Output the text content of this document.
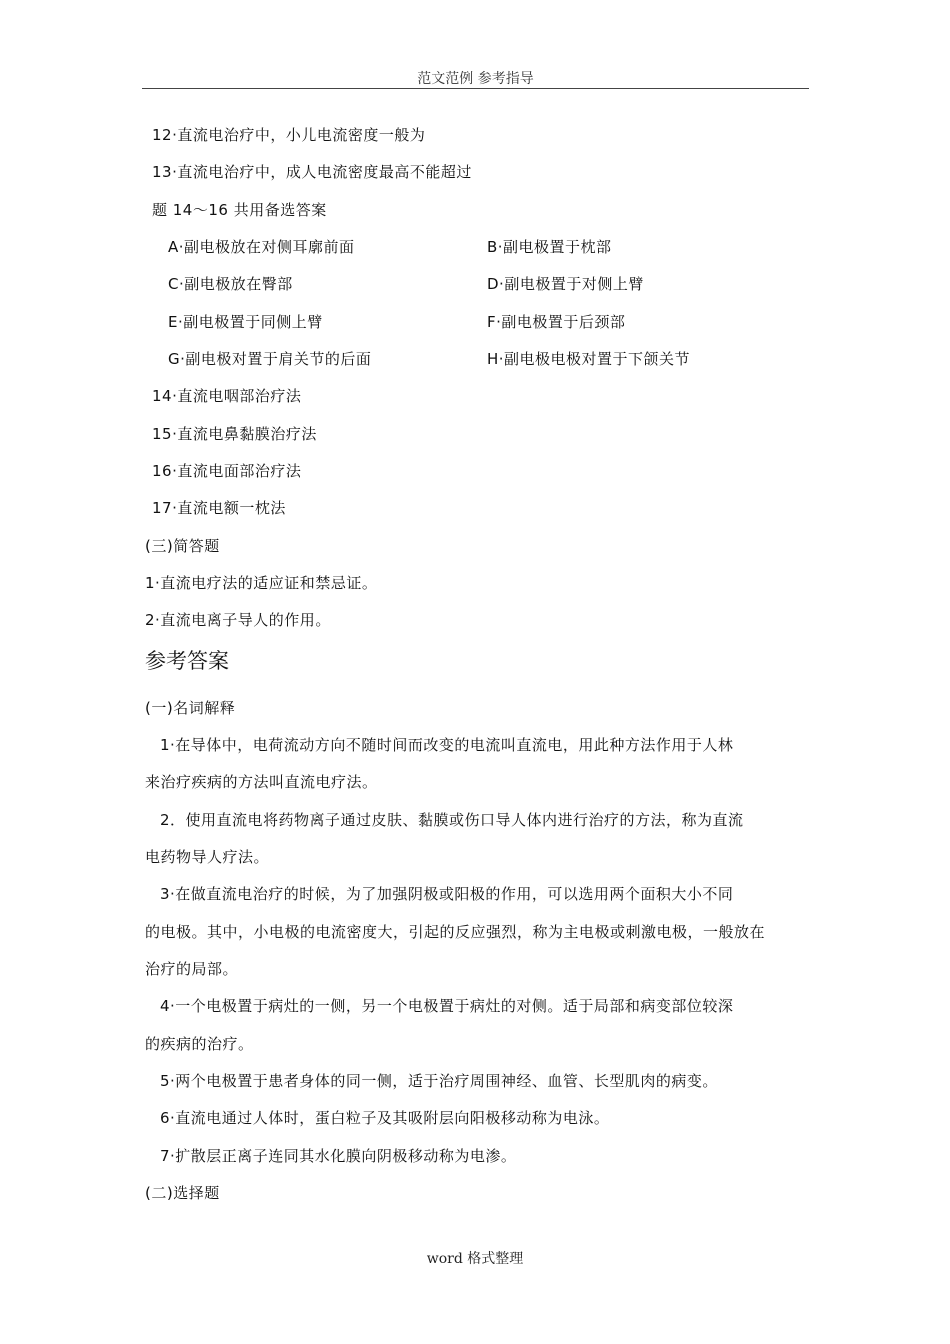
范文范例 参考指导
12·直流电治疗中，小儿电流密度一般为
13·直流电治疗中，成人电流密度最高不能超过
题 14～16 共用备选答案
A·副电极放在对侧耳廓前面	B·副电极置于枕部
C·副电极放在臀部	D·副电极置于对侧上臂
E·副电极置于同侧上臂	F·副电极置于后颈部
G·副电极对置于肩关节的后面	H·副电极电极对置于下颌关节
14·直流电咽部治疗法
15·直流电鼻黏膜治疗法
16·直流电面部治疗法
17·直流电额一枕法
(三)简答题
1·直流电疗法的适应证和禁忌证。
2·直流电离子导人的作用。
参考答案
(一)名词解释
1·在导体中，电荷流动方向不随时间而改变的电流叫直流电，用此种方法作用于人林
来治疗疾病的方法叫直流电疗法。
2．使用直流电将药物离子通过皮肤、黏膜或伤口导人体内进行治疗的方法，称为直流
电药物导人疗法。
3·在做直流电治疗的时候，为了加强阴极或阳极的作用，可以选用两个面积大小不同
的电极。其中，小电极的电流密度大，引起的反应强烈，称为主电极或刺激电极，一般放在
治疗的局部。
4·一个电极置于病灶的一侧，另一个电极置于病灶的对侧。适于局部和病变部位较深
的疾病的治疗。
5·两个电极置于患者身体的同一侧，适于治疗周围神经、血管、长型肌肉的病变。
6·直流电通过人体时，蛋白粒子及其吸附层向阳极移动称为电泳。
7·扩散层正离子连同其水化膜向阴极移动称为电渗。
(二)选择题
word 格式整理
